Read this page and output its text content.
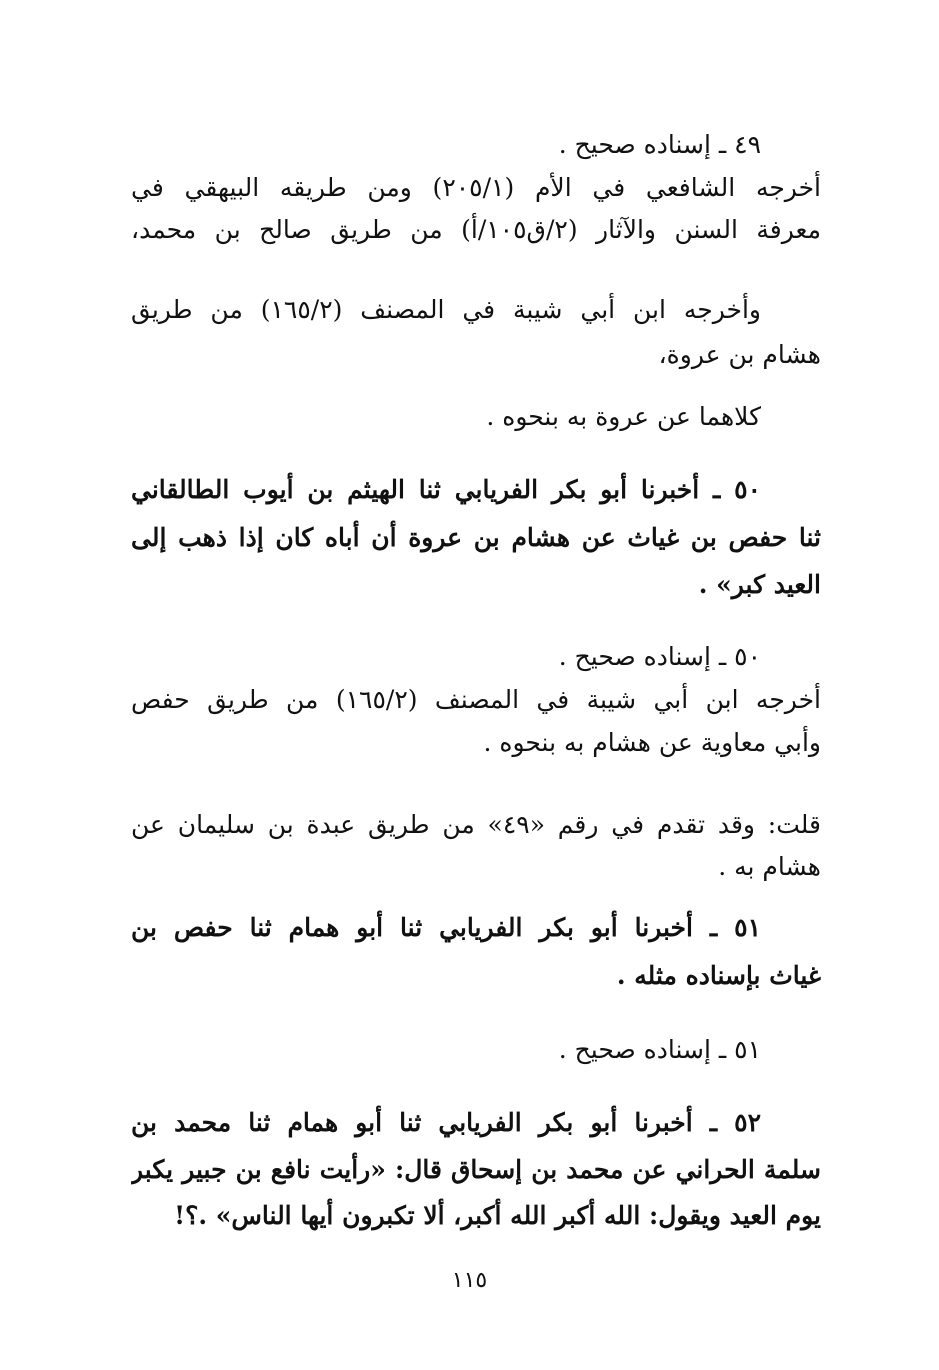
٤٩ ـ إسناده صحيح .
أخرجه الشافعي في الأم (٢٠٥/١) ومن طريقه البيهقي في
معرفة السنن والآثار (٢/ق١٠٥/أ) من طريق صالح بن محمد،
وأخرجه ابن أبي شيبة في المصنف (١٦٥/٢) من طريق
هشام بن عروة،
كلاهما عن عروة به بنحوه .
٥٠ ـ أخبرنا أبو بكر الفريابي ثنا الهيثم بن أيوب الطالقاني
ثنا حفص بن غياث عن هشام بن عروة أن أباه كان إذا ذهب إلى
العيد كبر» .
٥٠ ـ إسناده صحيح .
أخرجه ابن أبي شيبة في المصنف (١٦٥/٢) من طريق حفص
وأبي معاوية عن هشام به بنحوه .
قلت: وقد تقدم في رقم «٤٩» من طريق عبدة بن سليمان عن
هشام به .
٥١ ـ أخبرنا أبو بكر الفريابي ثنا أبو همام ثنا حفص بن
غياث بإسناده مثله .
٥١ ـ إسناده صحيح .
٥٢ ـ أخبرنا أبو بكر الفريابي ثنا أبو همام ثنا محمد بن
سلمة الحراني عن محمد بن إسحاق قال: «رأيت نافع بن جبير يكبر
يوم العيد ويقول: الله أكبر الله أكبر، ألا تكبرون أيها الناس» .؟!
١١٥
